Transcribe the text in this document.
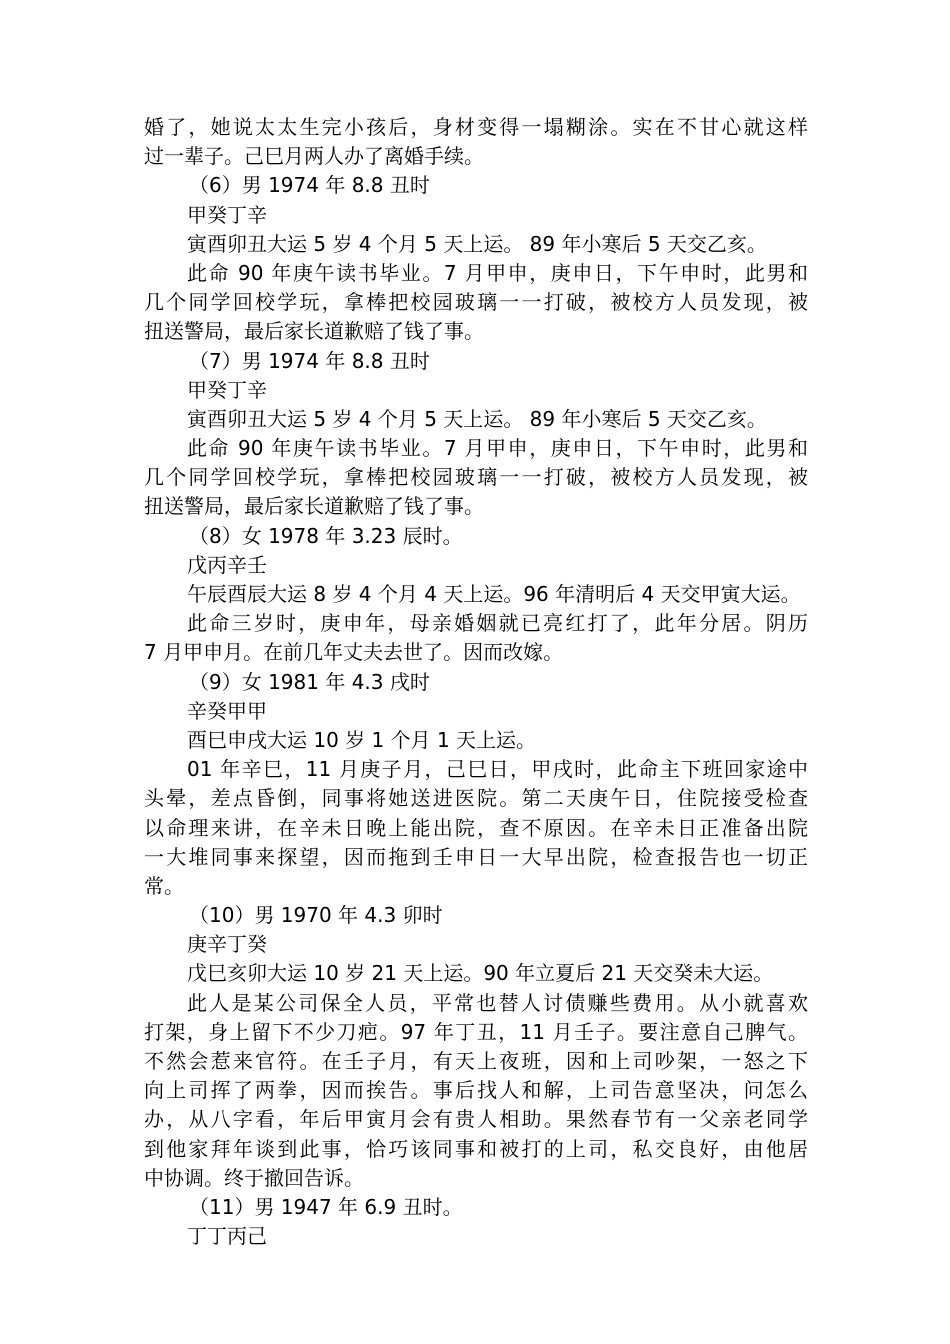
婚了，她说太太生完小孩后，身材变得一塌糊涂。实在不甘心就这样
过一辈子。己巳月两人办了离婚手续。
（6）男 1974 年 8.8 丑时
甲癸丁辛
寅酉卯丑大运 5 岁 4 个月 5 天上运。 89 年小寒后 5 天交乙亥。
此命 90 年庚午读书毕业。7 月甲申，庚申日，下午申时，此男和
几个同学回校学玩，拿棒把校园玻璃一一打破，被校方人员发现，被
扭送警局，最后家长道歉赔了钱了事。
（7）男 1974 年 8.8 丑时
甲癸丁辛
寅酉卯丑大运 5 岁 4 个月 5 天上运。 89 年小寒后 5 天交乙亥。
此命 90 年庚午读书毕业。7 月甲申，庚申日，下午申时，此男和
几个同学回校学玩，拿棒把校园玻璃一一打破，被校方人员发现，被
扭送警局，最后家长道歉赔了钱了事。
（8）女 1978 年 3.23 辰时。
戊丙辛壬
午辰酉辰大运 8 岁 4 个月 4 天上运。96 年清明后 4 天交甲寅大运。
此命三岁时，庚申年，母亲婚姻就已亮红打了，此年分居。阴历
7 月甲申月。在前几年丈夫去世了。因而改嫁。
（9）女 1981 年 4.3 戌时
辛癸甲甲
酉巳申戌大运 10 岁 1 个月 1 天上运。
01 年辛巳，11 月庚子月，己巳日，甲戌时，此命主下班回家途中
头晕，差点昏倒，同事将她送进医院。第二天庚午日，住院接受检查
以命理来讲，在辛未日晚上能出院，查不原因。在辛未日正准备出院
一大堆同事来探望，因而拖到壬申日一大早出院，检查报告也一切正
常。
（10）男 1970 年 4.3 卯时
庚辛丁癸
戊巳亥卯大运 10 岁 21 天上运。90 年立夏后 21 天交癸未大运。
此人是某公司保全人员，平常也替人讨债赚些费用。从小就喜欢
打架，身上留下不少刀疤。97 年丁丑，11 月壬子。要注意自己脾气。
不然会惹来官符。在壬子月，有天上夜班，因和上司吵架，一怒之下
向上司挥了两拳，因而挨告。事后找人和解，上司告意坚决，问怎么
办，从八字看，年后甲寅月会有贵人相助。果然春节有一父亲老同学
到他家拜年谈到此事，恰巧该同事和被打的上司，私交良好，由他居
中协调。终于撤回告诉。
（11）男 1947 年 6.9 丑时。
丁丁丙己
